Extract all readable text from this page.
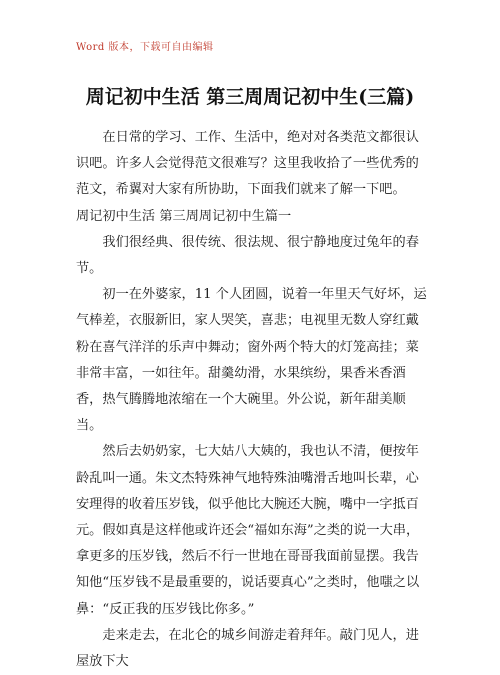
Word 版本，下载可自由编辑
周记初中生活 第三周周记初中生(三篇)

在日常的学习、工作、生活中，绝对对各类范文都很认识吧。许多人会觉得范文很难写？这里我收拾了一些优秀的范文，希翼对大家有所协助，下面我们就来了解一下吧。

周记初中生活 第三周周记初中生篇一

我们很经典、很传统、很法规、很宁静地度过兔年的春节。

初一在外婆家，11 个人团圆，说着一年里天气好坏，运气棒差，衣服新旧，家人哭笑，喜悲；电视里无数人穿红戴粉在喜气洋洋的乐声中舞动；窗外两个特大的灯笼高挂；菜非常丰富，一如往年。甜羹幼滑，水果缤纷，果香米香酒香，热气腾腾地浓缩在一个大碗里。外公说，新年甜美顺当。

然后去奶奶家，七大姑八大姨的，我也认不清，便按年龄乱叫一通。朱文杰特殊神气地特殊油嘴滑舌地叫长辈，心安理得的收着压岁钱，似乎他比大腕还大腕，嘴中一字抵百元。假如真是这样他或许还会“福如东海”之类的说一大串，拿更多的压岁钱，然后不行一世地在哥哥我面前显摆。我告知他“压岁钱不是最重要的，说话要真心”之类时，他嗤之以鼻：“反正我的压岁钱比你多。”

走来走去，在北仑的城乡间游走着拜年。敲门见人，进屋放下大
